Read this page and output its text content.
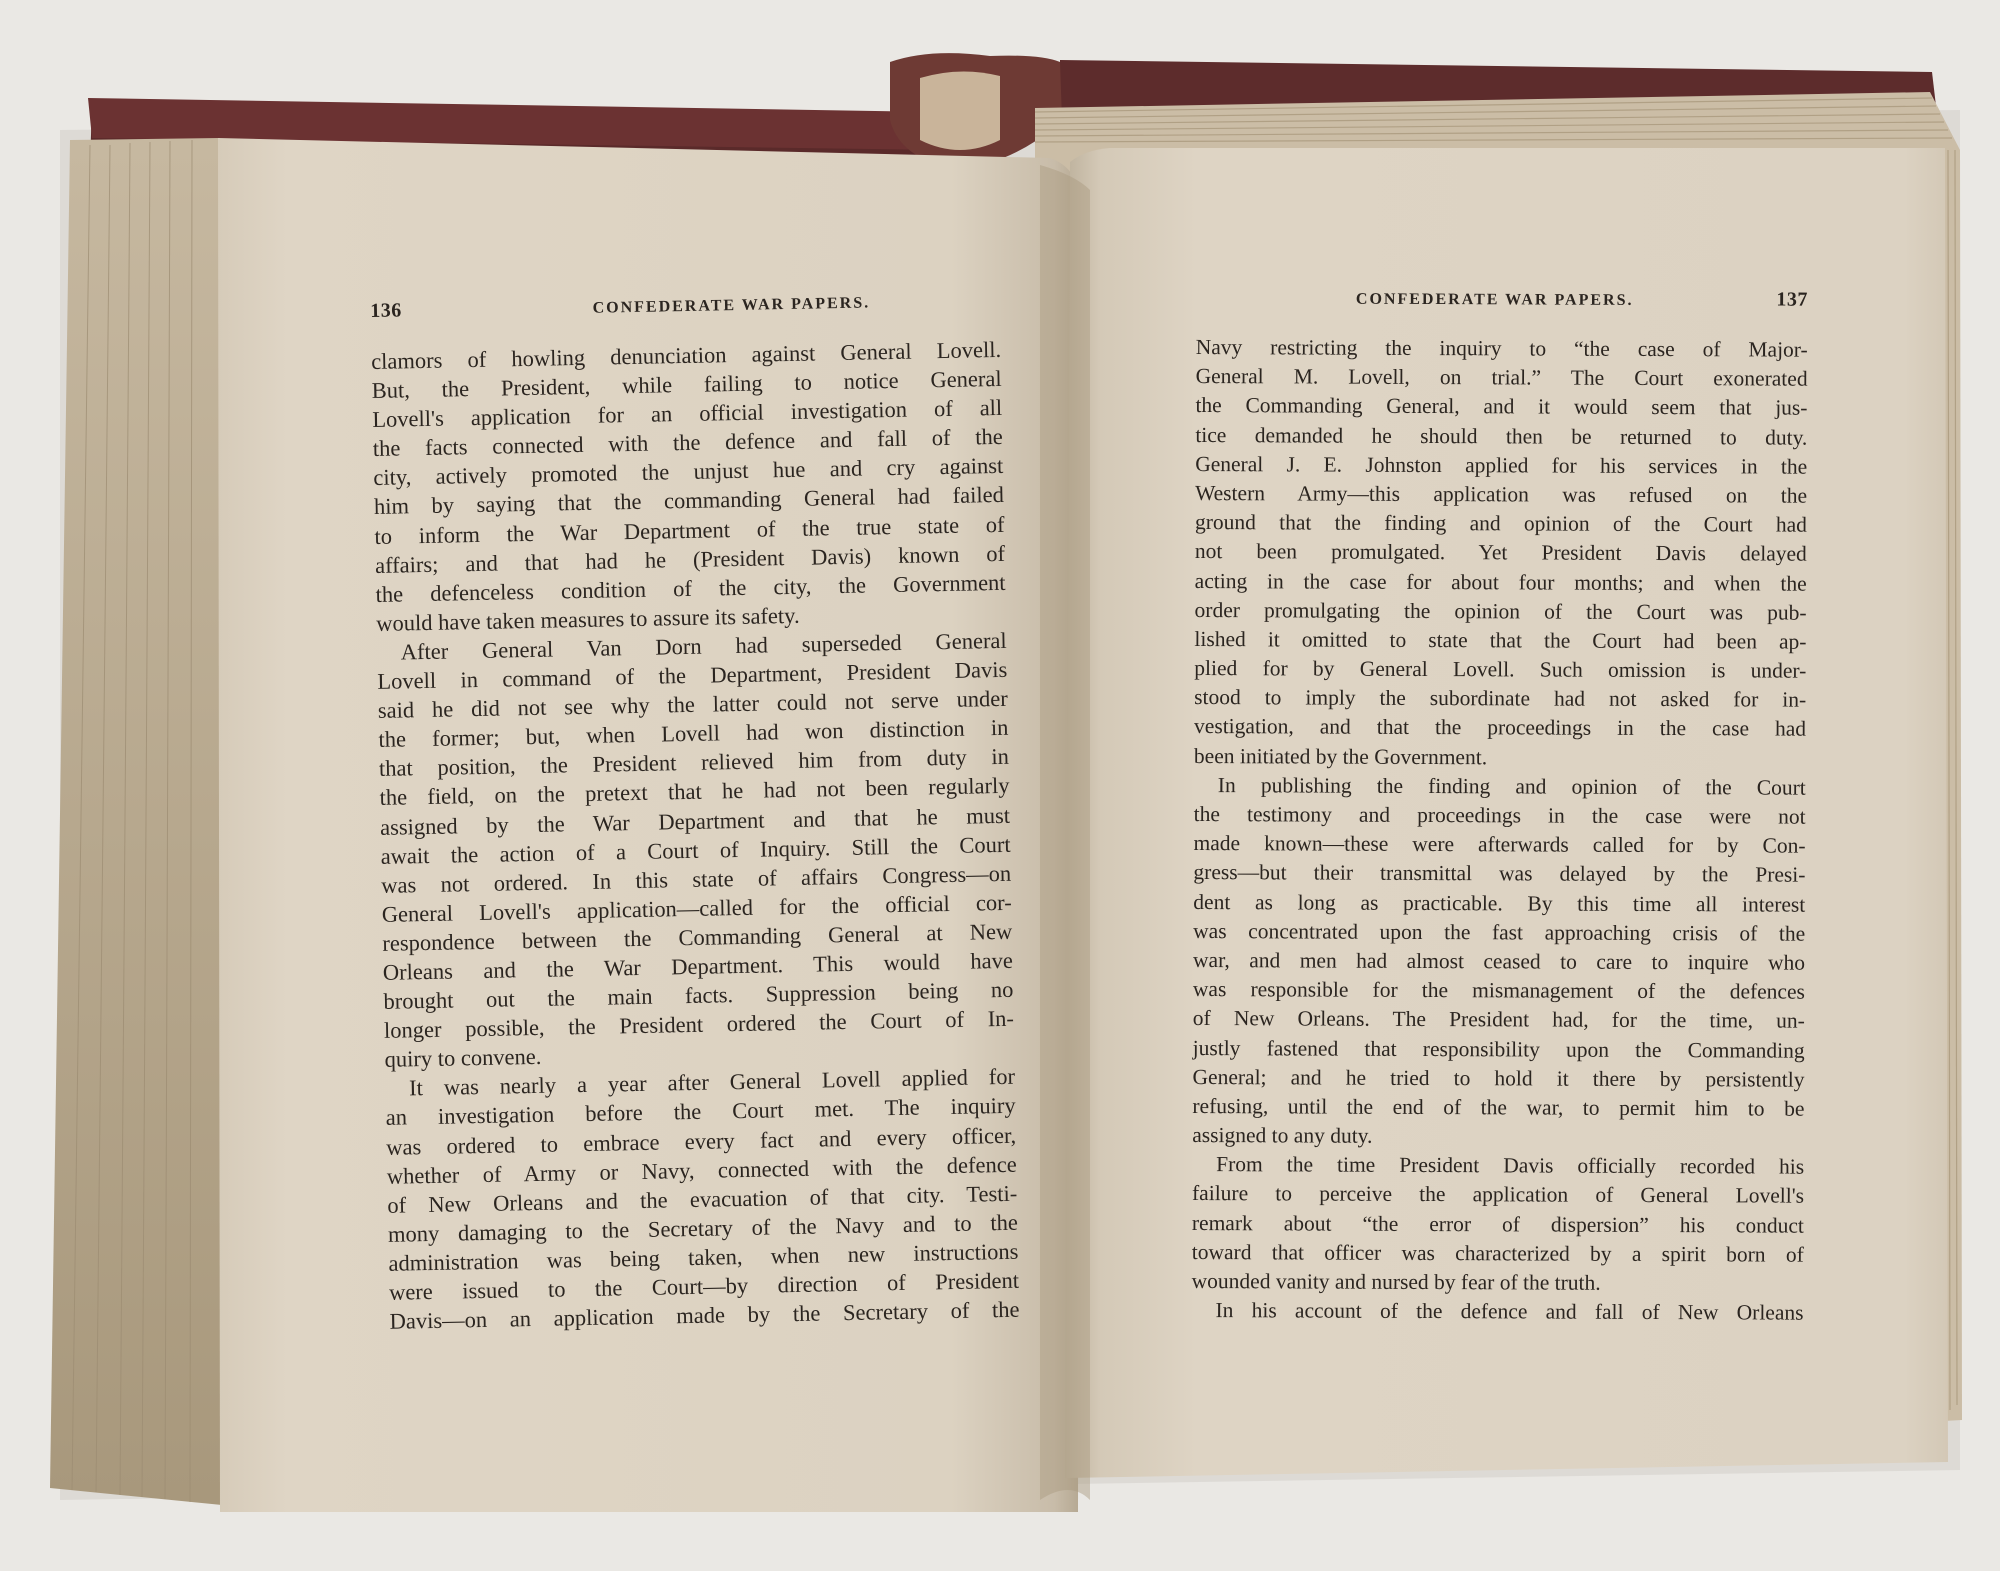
136	CONFEDERATE WAR PAPERS.
clamors of howling denunciation against General Lovell.
But, the President, while failing to notice General
Lovell's application for an official investigation of all
the facts connected with the defence and fall of the
city, actively promoted the unjust hue and cry against
him by saying that the commanding General had failed
to inform the War Department of the true state of
affairs; and that had he (President Davis) known of
the defenceless condition of the city, the Government
would have taken measures to assure its safety.
After General Van Dorn had superseded General
Lovell in command of the Department, President Davis
said he did not see why the latter could not serve under
the former; but, when Lovell had won distinction in
that position, the President relieved him from duty in
the field, on the pretext that he had not been regularly
assigned by the War Department and that he must
await the action of a Court of Inquiry. Still the Court
was not ordered. In this state of affairs Congress—on
General Lovell's application—called for the official cor-
respondence between the Commanding General at New
Orleans and the War Department. This would have
brought out the main facts. Suppression being no
longer possible, the President ordered the Court of In-
quiry to convene.
It was nearly a year after General Lovell applied for
an investigation before the Court met. The inquiry
was ordered to embrace every fact and every officer,
whether of Army or Navy, connected with the defence
of New Orleans and the evacuation of that city. Testi-
mony damaging to the Secretary of the Navy and to the
administration was being taken, when new instructions
were issued to the Court—by direction of President
Davis—on an application made by the Secretary of the
CONFEDERATE WAR PAPERS.	137
Navy restricting the inquiry to “the case of Major-
General M. Lovell, on trial.” The Court exonerated
the Commanding General, and it would seem that jus-
tice demanded he should then be returned to duty.
General J. E. Johnston applied for his services in the
Western Army—this application was refused on the
ground that the finding and opinion of the Court had
not been promulgated. Yet President Davis delayed
acting in the case for about four months; and when the
order promulgating the opinion of the Court was pub-
lished it omitted to state that the Court had been ap-
plied for by General Lovell. Such omission is under-
stood to imply the subordinate had not asked for in-
vestigation, and that the proceedings in the case had
been initiated by the Government.
In publishing the finding and opinion of the Court
the testimony and proceedings in the case were not
made known—these were afterwards called for by Con-
gress—but their transmittal was delayed by the Presi-
dent as long as practicable. By this time all interest
was concentrated upon the fast approaching crisis of the
war, and men had almost ceased to care to inquire who
was responsible for the mismanagement of the defences
of New Orleans. The President had, for the time, un-
justly fastened that responsibility upon the Commanding
General; and he tried to hold it there by persistently
refusing, until the end of the war, to permit him to be
assigned to any duty.
From the time President Davis officially recorded his
failure to perceive the application of General Lovell's
remark about “the error of dispersion” his conduct
toward that officer was characterized by a spirit born of
wounded vanity and nursed by fear of the truth.
In his account of the defence and fall of New Orleans
